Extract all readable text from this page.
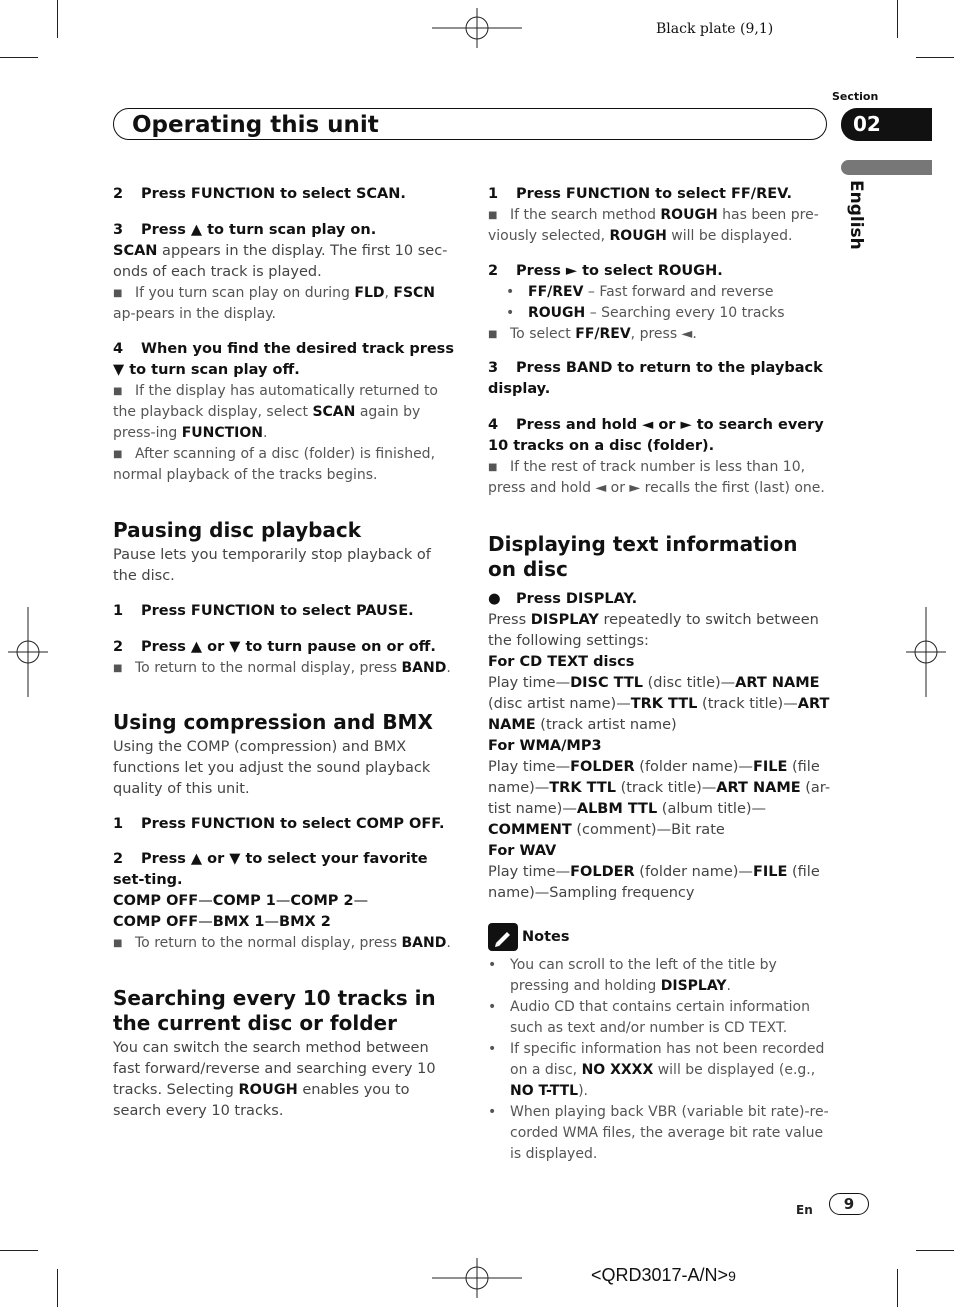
Black plate (9,1)
Section
Operating this unit	02
English

2 Press FUNCTION to select SCAN.

3 Press ▲ to turn scan play on.

SCAN appears in the display. The first 10 sec-onds of each track is played.

■ If you turn scan play on during FLD, FSCN ap-pears in the display.

4 When you find the desired track press ▼ to turn scan play off.

■ If the display has automatically returned to the playback display, select SCAN again by press-ing FUNCTION.

■ After scanning of a disc (folder) is finished, normal playback of the tracks begins.

Pausing disc playback

Pause lets you temporarily stop playback of the disc.

1 Press FUNCTION to select PAUSE.

2 Press ▲ or ▼ to turn pause on or off.

■ To return to the normal display, press BAND.

Using compression and BMX

Using the COMP (compression) and BMX functions let you adjust the sound playback quality of this unit.

1 Press FUNCTION to select COMP OFF.

2 Press ▲ or ▼ to select your favorite set-ting.

COMP OFF—COMP 1—COMP 2—

COMP OFF—BMX 1—BMX 2

■ To return to the normal display, press BAND.

Searching every 10 tracks in the current disc or folder

You can switch the search method between fast forward/reverse and searching every 10 tracks. Selecting ROUGH enables you to search every 10 tracks.

1 Press FUNCTION to select FF/REV.

■ If the search method ROUGH has been pre-viously selected, ROUGH will be displayed.

2 Press ► to select ROUGH.

• FF/REV – Fast forward and reverse

• ROUGH – Searching every 10 tracks

■ To select FF/REV, press ◄.

3 Press BAND to return to the playback display.

4 Press and hold ◄ or ► to search every 10 tracks on a disc (folder).

■ If the rest of track number is less than 10, press and hold ◄ or ► recalls the first (last) one.

Displaying text information on disc

● Press DISPLAY.

Press DISPLAY repeatedly to switch between the following settings:

For CD TEXT discs

Play time—DISC TTL (disc title)—ART NAME (disc artist name)—TRK TTL (track title)—ART NAME (track artist name)

For WMA/MP3

Play time—FOLDER (folder name)—FILE (file name)—TRK TTL (track title)—ART NAME (ar-tist name)—ALBM TTL (album title)—COMMENT (comment)—Bit rate

For WAV

Play time—FOLDER (folder name)—FILE (file name)—Sampling frequency

Notes

• You can scroll to the left of the title by pressing and holding DISPLAY.

• Audio CD that contains certain information such as text and/or number is CD TEXT.

• If specific information has not been recorded on a disc, NO XXXX will be displayed (e.g., NO T-TTL).

• When playing back VBR (variable bit rate)-re-corded WMA files, the average bit rate value is displayed.

En	9
<QRD3017-A/N>9
